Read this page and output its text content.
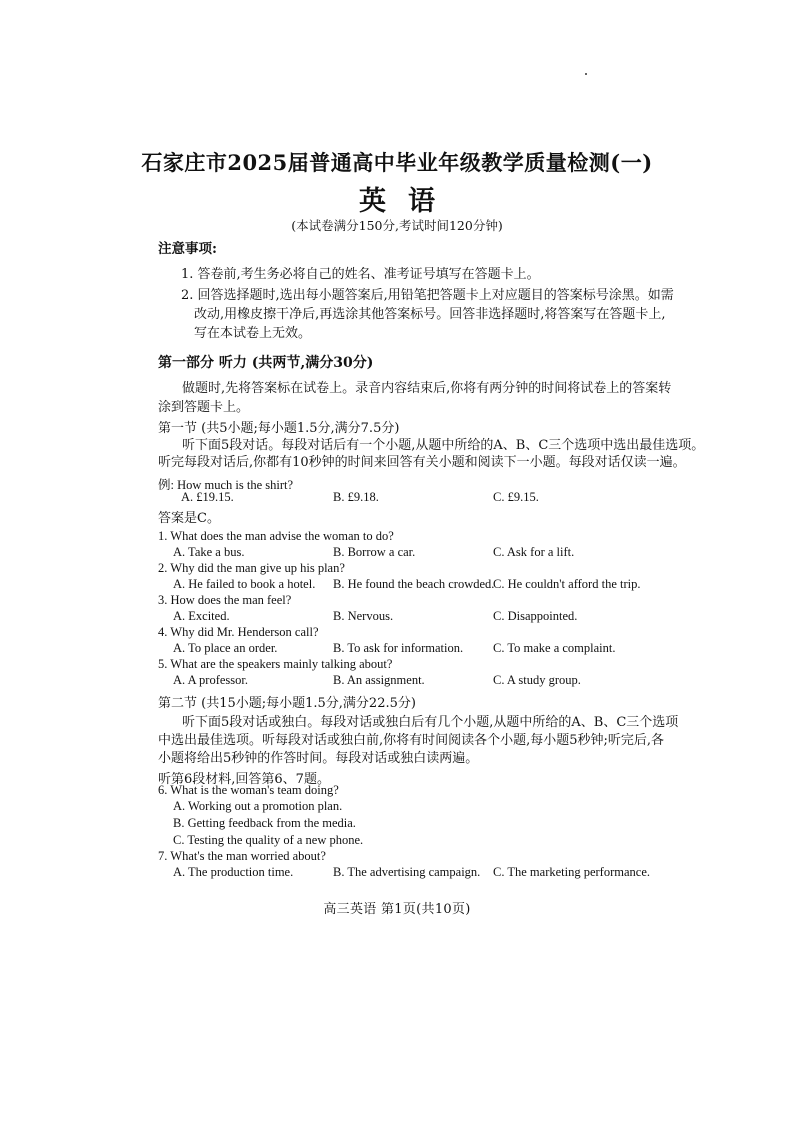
石家庄市2025届普通高中毕业年级教学质量检测(一)
英语
(本试卷满分150分,考试时间120分钟)
注意事项:
1. 答卷前,考生务必将自己的姓名、准考证号填写在答题卡上。
2. 回答选择题时,选出每小题答案后,用铅笔把答题卡上对应题目的答案标号涂黑。如需
改动,用橡皮擦干净后,再选涂其他答案标号。回答非选择题时,将答案写在答题卡上,
写在本试卷上无效。
第一部分 听力 (共两节,满分30分)
做题时,先将答案标在试卷上。录音内容结束后,你将有两分钟的时间将试卷上的答案转
涂到答题卡上。
第一节 (共5小题;每小题1.5分,满分7.5分)
听下面5段对话。每段对话后有一个小题,从题中所给的A、B、C三个选项中选出最佳选项。
听完每段对话后,你都有10秒钟的时间来回答有关小题和阅读下一小题。每段对话仅读一遍。
例: How much is the shirt?
A. £19.15.	B. £9.18.	C. £9.15.
答案是C。
1. What does the man advise the woman to do?
A. Take a bus.	B. Borrow a car.	C. Ask for a lift.
2. Why did the man give up his plan?
A. He failed to book a hotel. B. He found the beach crowded.
C. He couldn't afford the trip.
3. How does the man feel?
A. Excited.	B. Nervous.	C. Disappointed.
4. Why did Mr. Henderson call?
A. To place an order.	B. To ask for information. C. To make a complaint.
5. What are the speakers mainly talking about?
A. A professor.	B. An assignment.	C. A study group.
第二节 (共15小题;每小题1.5分,满分22.5分)
听下面5段对话或独白。每段对话或独白后有几个小题,从题中所给的A、B、C三个选项
中选出最佳选项。听每段对话或独白前,你将有时间阅读各个小题,每小题5秒钟;听完后,各
小题将给出5秒钟的作答时间。每段对话或独白读两遍。
听第6段材料,回答第6、7题。
6. What is the woman's team doing?
A. Working out a promotion plan.
B. Getting feedback from the media.
C. Testing the quality of a new phone.
7. What's the man worried about?
A. The production time.	B. The advertising campaign. C. The marketing performance.
高三英语 第1页(共10页)
